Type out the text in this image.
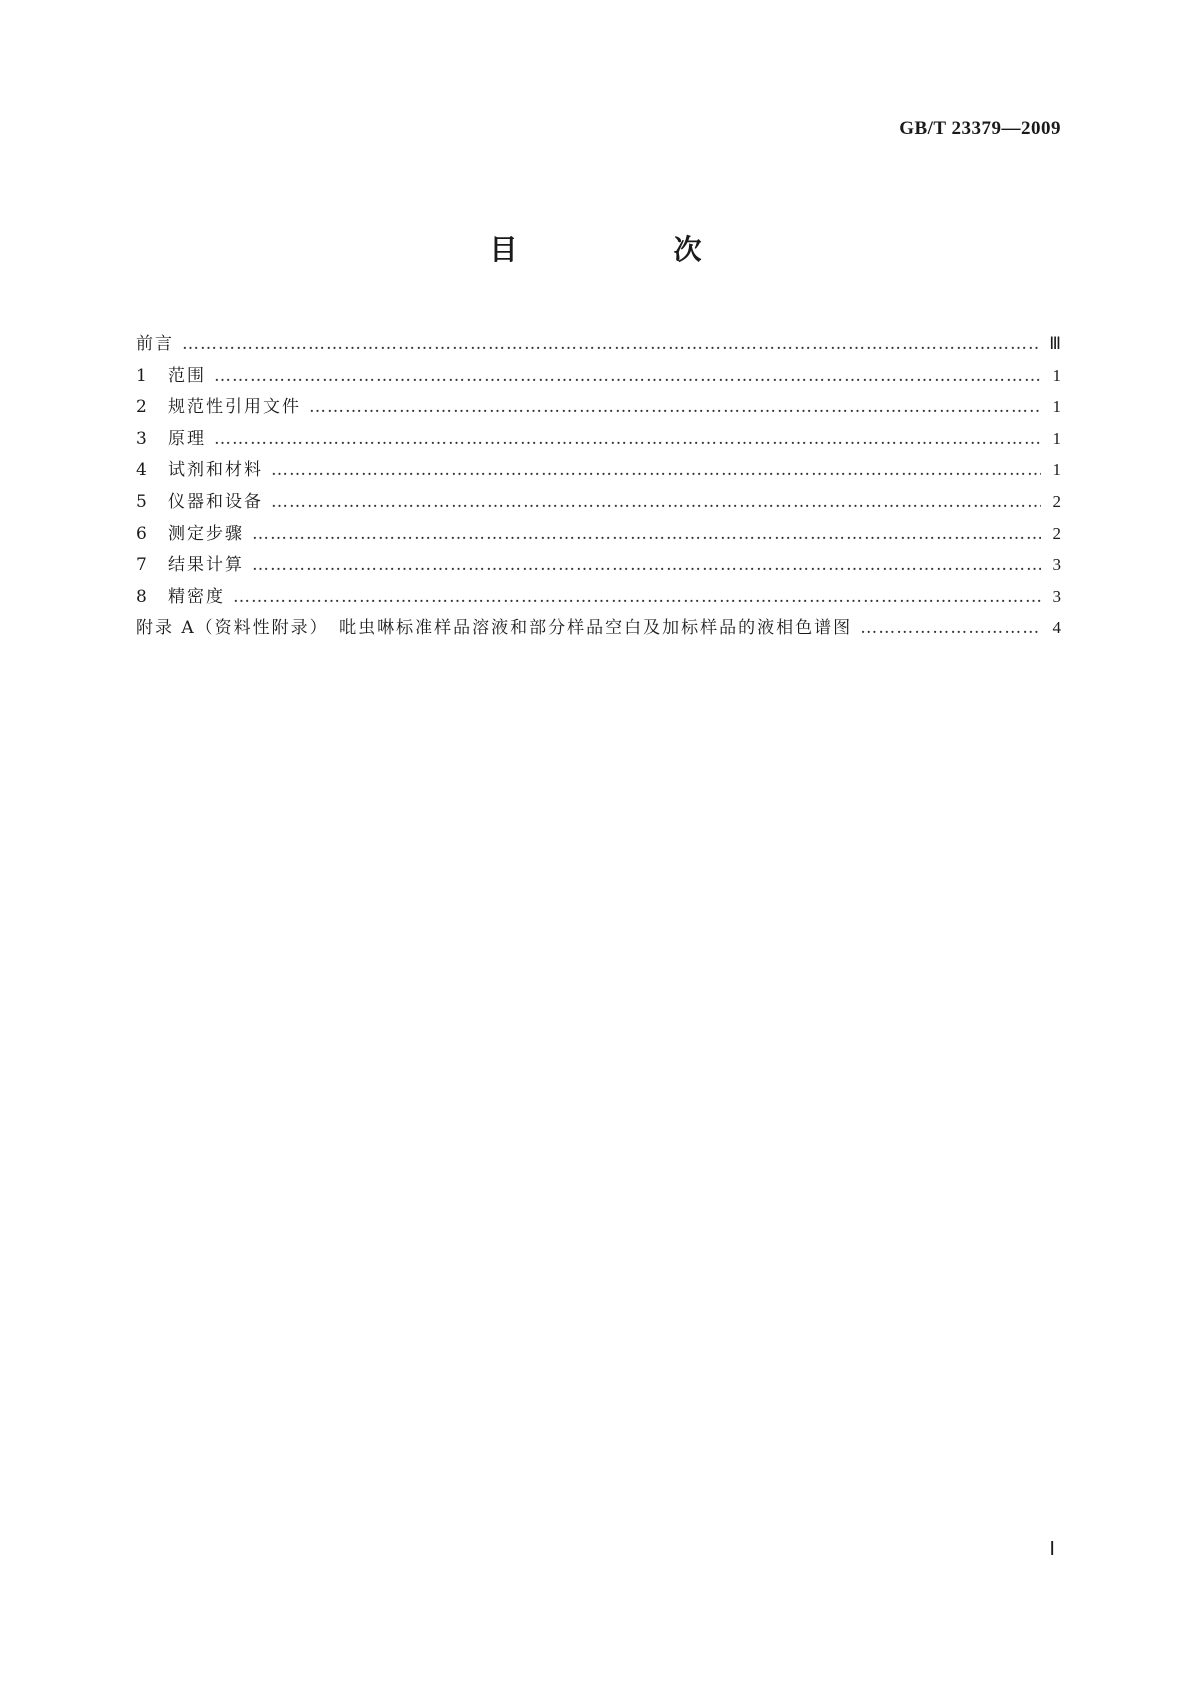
GB/T 23379—2009
目　次
前言 …………………………………………………………………………………………………………………………………………………………………………………………	Ⅲ
1	范围 …………………………………………………………………………………………………………………………………………………………………………………………	1
2	规范性引用文件 …………………………………………………………………………………………………………………………………………………………………………………………	1
3	原理 …………………………………………………………………………………………………………………………………………………………………………………………	1
4	试剂和材料 …………………………………………………………………………………………………………………………………………………………………………………………	1
5	仪器和设备 …………………………………………………………………………………………………………………………………………………………………………………………	2
6	测定步骤 …………………………………………………………………………………………………………………………………………………………………………………………	2
7	结果计算 …………………………………………………………………………………………………………………………………………………………………………………………	3
8	精密度 …………………………………………………………………………………………………………………………………………………………………………………………	3
附录 A（资料性附录）　吡虫啉标准样品溶液和部分样品空白及加标样品的液相色谱图 …………………………………………………………………………………………………………………………………………………………………………………………	4
Ⅰ
